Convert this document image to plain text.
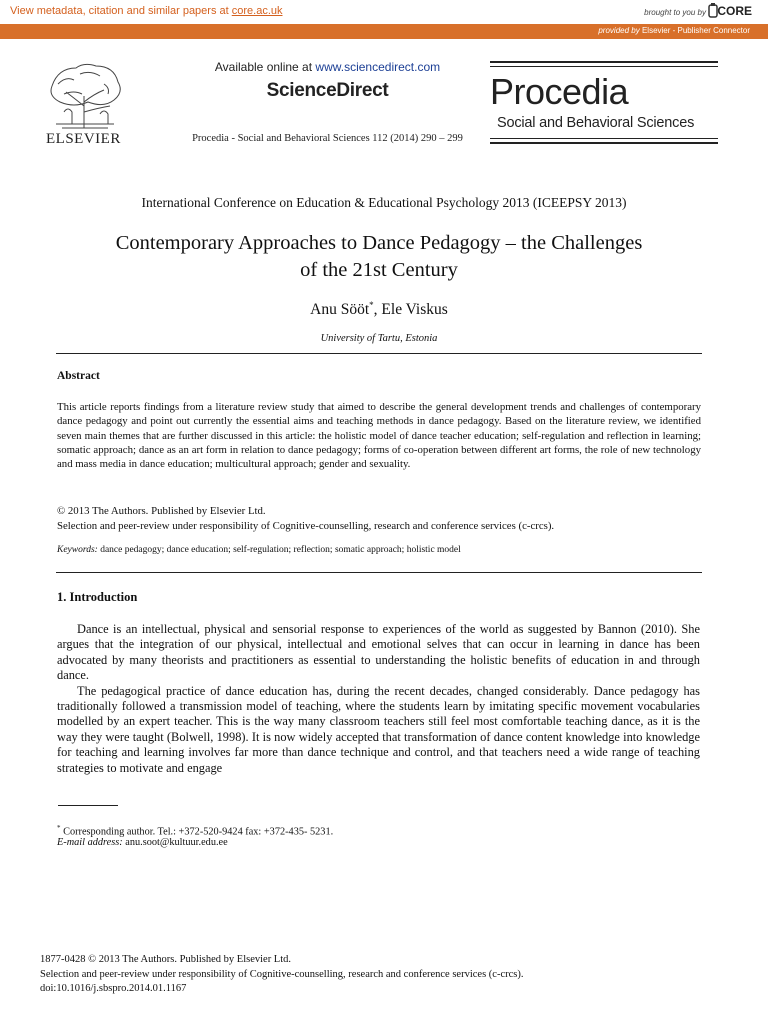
View metadata, citation and similar papers at core.ac.uk	brought to you by CORE
provided by Elsevier - Publisher Connector
ELSEVIER
Available online at www.sciencedirect.com
ScienceDirect
Procedia - Social and Behavioral Sciences 112 (2014) 290 – 299
Procedia
Social and Behavioral Sciences
International Conference on Education & Educational Psychology 2013 (ICEEPSY 2013)
Contemporary Approaches to Dance Pedagogy – the Challenges
of the 21st Century
Anu Sööt*, Ele Viskus
University of Tartu, Estonia
Abstract
This article reports findings from a literature review study that aimed to describe the general development trends and challenges of contemporary dance pedagogy and point out currently the essential aims and teaching methods in dance pedagogy. Based on the literature review, we identified seven main themes that are further discussed in this article: the holistic model of dance teacher education; self-regulation and reflection in learning; somatic approach; dance as an art form in relation to dance pedagogy; forms of co-operation between different art forms, the role of new technology and mass media in dance education; multicultural approach; gender and sexuality.
© 2013 The Authors. Published by Elsevier Ltd.
Selection and peer-review under responsibility of Cognitive-counselling, research and conference services (c-crcs).
Keywords: dance pedagogy; dance education; self-regulation; reflection; somatic approach; holistic model
1. Introduction

Dance is an intellectual, physical and sensorial response to experiences of the world as suggested by Bannon (2010). She argues that the integration of our physical, intellectual and emotional selves that can occur in learning in dance has been advocated by many theorists and practitioners as essential to understanding the holistic benefits of education in and through dance.

The pedagogical practice of dance education has, during the recent decades, changed considerably. Dance pedagogy has traditionally followed a transmission model of teaching, where the students learn by imitating specific movement vocabularies modelled by an expert teacher. This is the way many classroom teachers still feel most comfortable teaching dance, as it is the way they were taught (Bolwell, 1998). It is now widely accepted that transformation of dance content knowledge into knowledge for teaching and learning involves far more than dance technique and control, and that teachers need a wide range of teaching strategies to motivate and engage

* Corresponding author. Tel.: +372-520-9424 fax: +372-435- 5231.
E-mail address: anu.soot@kultuur.edu.ee
1877-0428 © 2013 The Authors. Published by Elsevier Ltd.
Selection and peer-review under responsibility of Cognitive-counselling, research and conference services (c-crcs).
doi:10.1016/j.sbspro.2014.01.1167
